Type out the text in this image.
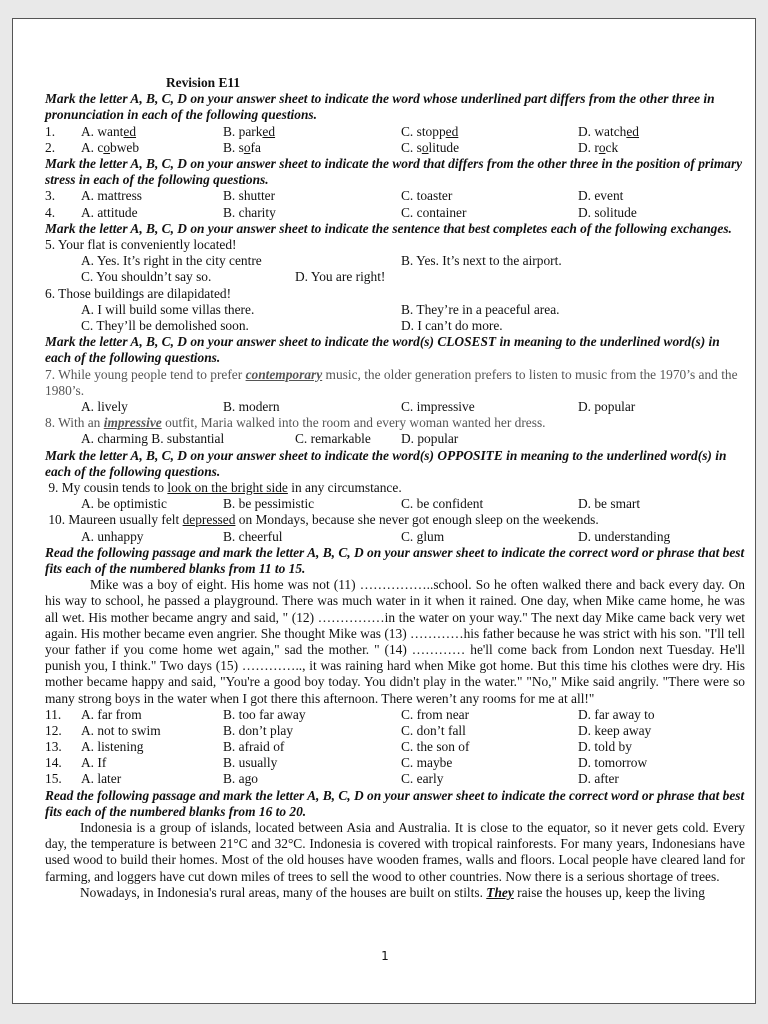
Revision E11
Mark the letter A, B, C, D on your answer sheet to indicate the word whose underlined part differs from the other three in pronunciation in each of the following questions.
1. A. wanted	B. parked	C. stopped	D. watched
2. A. cobweb	B. sofa	C. solitude	D. rock
Mark the letter A, B, C, D on your answer sheet to indicate the word that differs from the other three in the position of primary stress in each of the following questions.
3. A. mattress	B. shutter	C. toaster	D. event
4. A. attitude	B. charity	C. container	D. solitude
Mark the letter A, B, C, D on your answer sheet to indicate the sentence that best completes each of the following exchanges.
5. Your flat is conveniently located!
A. Yes. It’s right in the city centre	B. Yes. It’s next to the airport.
C. You shouldn’t say so.	D. You are right!
6. Those buildings are dilapidated!
A. I will build some villas there.	B. They’re in a peaceful area.
C. They’ll be demolished soon.	D. I can’t do more.
Mark the letter A, B, C, D on your answer sheet to indicate the word(s) CLOSEST in meaning to the underlined word(s) in each of the following questions.
7. While young people tend to prefer contemporary music, the older generation prefers to listen to music from the 1970’s and the 1980’s.
A. lively	B. modern	C. impressive	D. popular
8. With an impressive outfit, Maria walked into the room and every woman wanted her dress.
A. charming B. substantial	C. remarkable D. popular
Mark the letter A, B, C, D on your answer sheet to indicate the word(s) OPPOSITE in meaning to the underlined word(s) in each of the following questions.
9. My cousin tends to look on the bright side in any circumstance.
A. be optimistic	B. be pessimistic	C. be confident	D. be smart
10. Maureen usually felt depressed on Mondays, because she never got enough sleep on the weekends.
A. unhappy	B. cheerful	C. glum	D. understanding
Read the following passage and mark the letter A, B, C, D on your answer sheet to indicate the correct word or phrase that best fits each of the numbered blanks from 11 to 15.
Mike was a boy of eight. His home was not (11) ……………..school. So he often walked there and back every day. On his way to school, he passed a playground. There was much water in it when it rained. One day, when Mike came home, he was all wet. His mother became angry and said, " (12) ……………in the water on your way." The next day Mike came back very wet again. His mother became even angrier. She thought Mike was (13) …………his father because he was strict with his son. "I'll tell your father if you come home wet again," sad the mother. " (14) ………… he'll come back from London next Tuesday. He'll punish you, I think." Two days (15) ………….., it was raining hard when Mike got home. But this time his clothes were dry. His mother became happy and said, "You're a good boy today. You didn't play in the water." "No," Mike said angrily. "There were so many strong boys in the water when I got there this afternoon. There weren’t any rooms for me at all!"
11. A. far from	B. too far away	C. from near	D. far away to
12. A. not to swim	B. don’t play	C. don’t fall	D. keep away
13. A. listening	B. afraid of	C. the son of	D. told by
14. A. If	B. usually	C. maybe	D. tomorrow
15. A. later	B. ago	C. early	D. after
Read the following passage and mark the letter A, B, C, D on your answer sheet to indicate the correct word or phrase that best fits each of the numbered blanks from 16 to 20.
Indonesia is a group of islands, located between Asia and Australia. It is close to the equator, so it never gets cold. Every day, the temperature is between 21°C and 32°C. Indonesia is covered with tropical rainforests. For many years, Indonesians have used wood to build their homes. Most of the old houses have wooden frames, walls and floors. Local people have cleared land for farming, and loggers have cut down miles of trees to sell the wood to other countries. Now there is a serious shortage of trees.
Nowadays, in Indonesia's rural areas, many of the houses are built on stilts. They raise the houses up, keep the living
1
